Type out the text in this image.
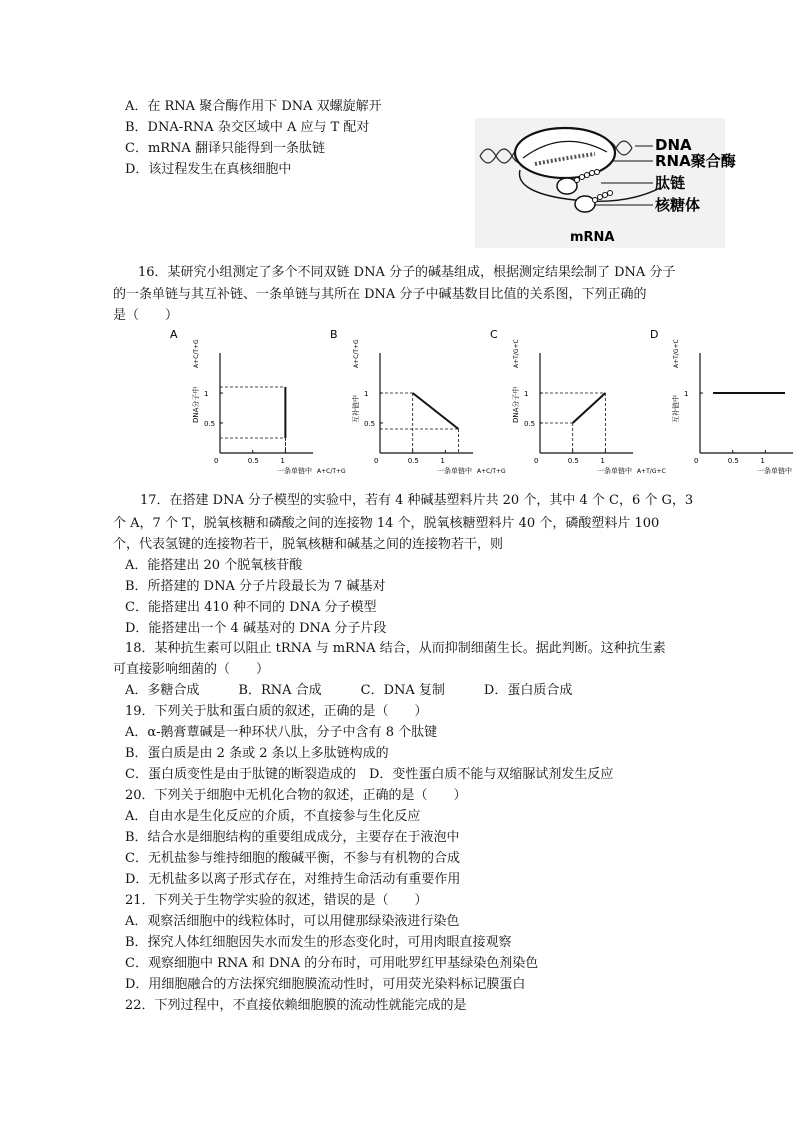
A．在 RNA 聚合酶作用下 DNA 双螺旋解开
B．DNA-RNA 杂交区域中 A 应与 T 配对
C．mRNA 翻译只能得到一条肽链
D．该过程发生在真核细胞中
DNA
RNA聚合酶
肽链
核糖体
mRNA
16．某研究小组测定了多个不同双链 DNA 分子的碱基组成，根据测定结果绘制了 DNA 分子
的一条单链与其互补链、一条单链与其所在 DNA 分子中碱基数目比值的关系图，下列正确的
是（　　）
A
0	0.5	1
0.5
1
DNA分子中
A+C/T+G
一条单链中 A+C/T+G
B
0	0.5	1
0.5
1
互补链中
A+C/T+G
一条单链中 A+C/T+G
C
0	0.5	1
0.5
1
DNA分子中
A+T/G+C
一条单链中 A+T/G+C
D
0	0.5	1
1
互补链中
A+T/G+C
一条单链中
17．在搭建 DNA 分子模型的实验中，若有 4 种碱基塑料片共 20 个，其中 4 个 C，6 个 G，3
个 A，7 个 T，脱氧核糖和磷酸之间的连接物 14 个，脱氧核糖塑料片 40 个，磷酸塑料片 100
个，代表氢键的连接物若干，脱氧核糖和碱基之间的连接物若干，则
A．能搭建出 20 个脱氧核苷酸
B．所搭建的 DNA 分子片段最长为 7 碱基对
C．能搭建出 410 种不同的 DNA 分子模型
D．能搭建出一个 4 碱基对的 DNA 分子片段
18．某种抗生素可以阻止 tRNA 与 mRNA 结合，从而抑制细菌生长。据此判断。这种抗生素
可直接影响细菌的（　　）
A．多糖合成　　　B．RNA 合成　　　C．DNA 复制　　　D．蛋白质合成
19．下列关于肽和蛋白质的叙述，正确的是（　　）
A．α-鹅膏蕈碱是一种环状八肽，分子中含有 8 个肽键
B．蛋白质是由 2 条或 2 条以上多肽链构成的
C．蛋白质变性是由于肽键的断裂造成的　D．变性蛋白质不能与双缩脲试剂发生反应
20．下列关于细胞中无机化合物的叙述，正确的是（　　）
A．自由水是生化反应的介质，不直接参与生化反应
B．结合水是细胞结构的重要组成成分，主要存在于液泡中
C．无机盐参与维持细胞的酸碱平衡，不参与有机物的合成
D．无机盐多以离子形式存在，对维持生命活动有重要作用
21．下列关于生物学实验的叙述，错误的是（　　）
A．观察活细胞中的线粒体时，可以用健那绿染液进行染色
B．探究人体红细胞因失水而发生的形态变化时，可用肉眼直接观察
C．观察细胞中 RNA 和 DNA 的分布时，可用吡罗红甲基绿染色剂染色
D．用细胞融合的方法探究细胞膜流动性时，可用荧光染料标记膜蛋白
22．下列过程中，不直接依赖细胞膜的流动性就能完成的是
